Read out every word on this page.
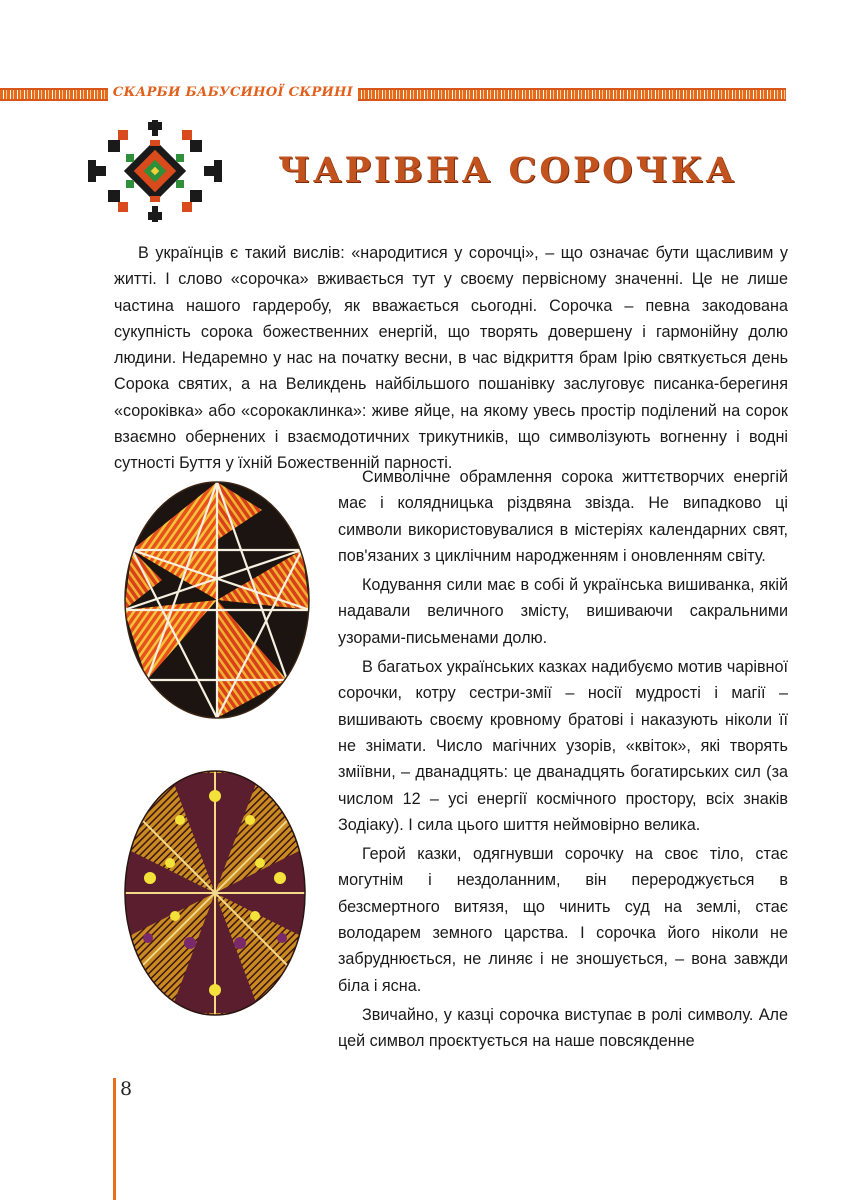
СКАРБИ БАБУСИНОЇ СКРИНІ
ЧАРІВНА СОРОЧКА

В українців є такий вислів: «народитися у сорочці», – що означає бути щасливим у житті. І слово «сорочка» вживається тут у своєму первісному значенні. Це не лише частина нашого гардеробу, як вважається сьогодні. Сорочка – певна закодована сукупність сорока божественних енергій, що творять довершену і гармонійну долю людини. Недаремно у нас на початку весни, в час відкриття брам Ірію святкується день Сорока святих, а на Великдень найбільшого пошанівку заслуговує писанка-берегиня «сороківка» або «сорокаклинка»: живе яйце, на якому увесь простір поділений на сорок взаємно обернених і взаємодотичних трикутників, що символізують вогненну і водні сутності Буття у їхній Божественній парності.

Символічне обрамлення сорока життєтворчих енергій має і колядницька різдвяна звізда. Не випадково ці символи використовувалися в містеріях календарних свят, пов'язаних з циклічним народженням і оновленням світу.

Кодування сили має в собі й українська вишиванка, якій надавали величного змісту, вишиваючи сакральними узорами-письменами долю.

В багатьох українських казках надибуємо мотив чарівної сорочки, котру сестри-змії – носії мудрості і магії – вишивають своєму кровному братові і наказують ніколи її не знімати. Число магічних узорів, «квіток», які творять зміївни, – дванадцять: це дванадцять богатирських сил (за числом 12 – усі енергії космічного простору, всіх знаків Зодіаку). І сила цього шиття неймовірно велика.

Герой казки, одягнувши сорочку на своє тіло, стає могутнім і нездоланним, він перероджується в безсмертного витязя, що чинить суд на землі, стає володарем земного царства. І сорочка його ніколи не забруднюється, не линяє і не зношується, – вона завжди біла і ясна.

Звичайно, у казці сорочка виступає в ролі символу. Але цей символ проєктується на наше повсякденне

8
